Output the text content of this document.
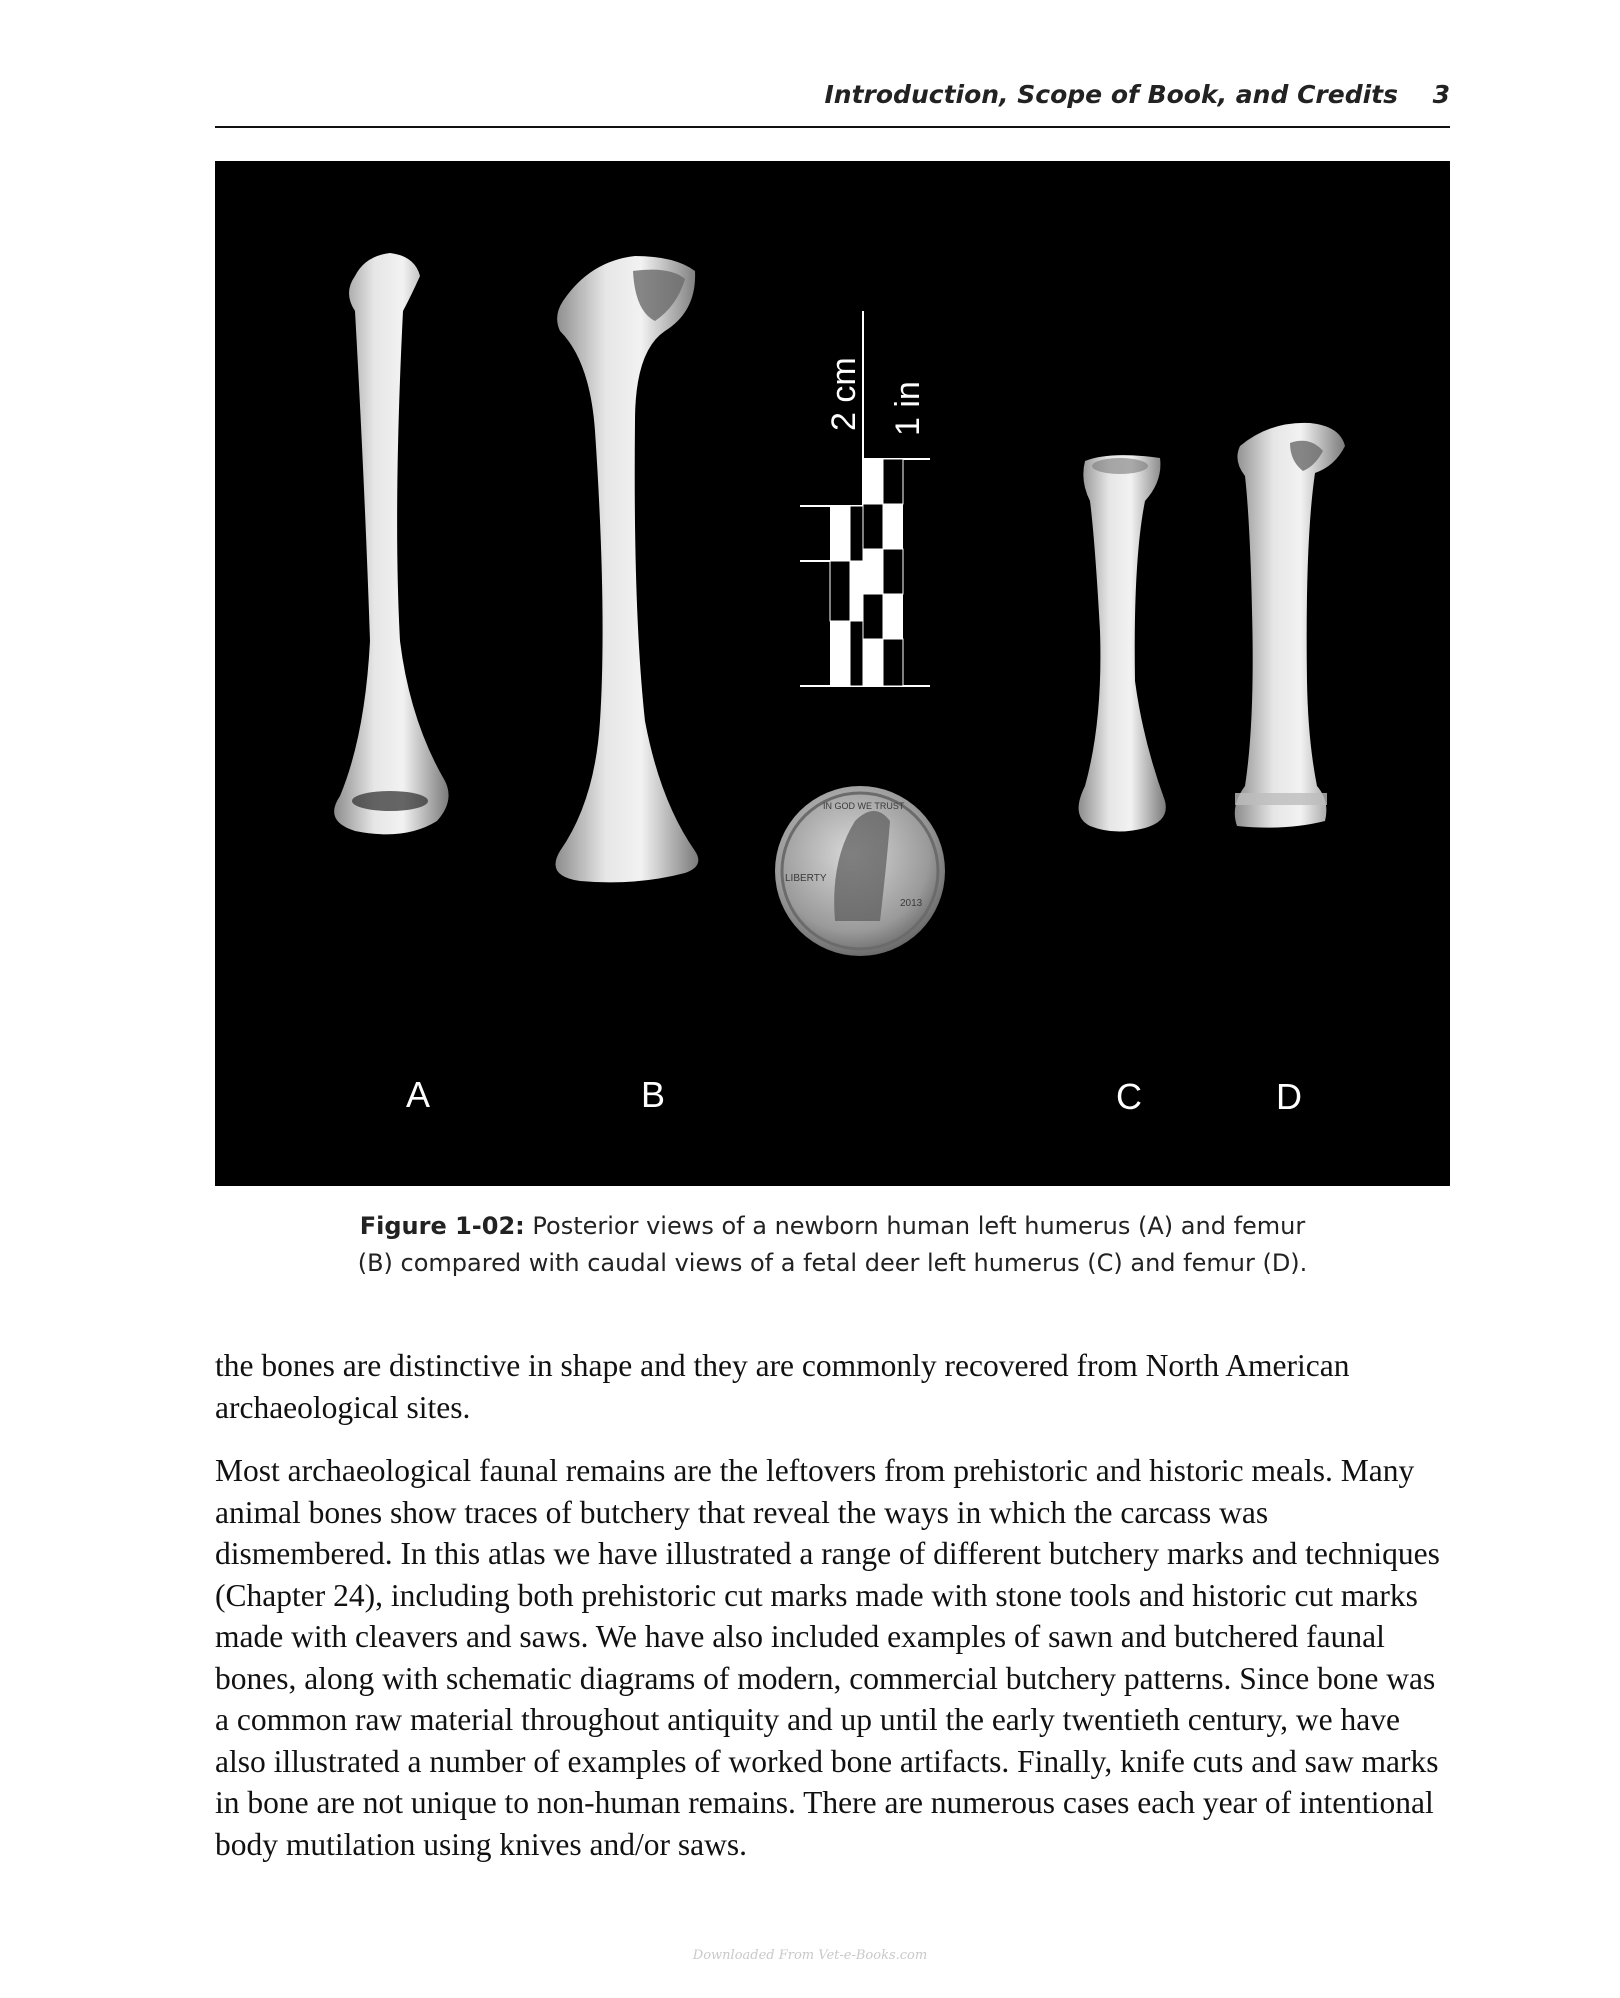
Introduction, Scope of Book, and Credits 3
2 cm 1 in
LIBERTY
2013
IN GOD WE TRUST
A	B	C	D
Figure 1-02: Posterior views of a newborn human left humerus (A) and femur
(B) compared with caudal views of a fetal deer left humerus (C) and femur (D).

the bones are distinctive in shape and they are commonly recovered from North American archaeological sites.

Most archaeological faunal remains are the leftovers from prehistoric and historic meals. Many animal bones show traces of butchery that reveal the ways in which the carcass was dismembered. In this atlas we have illustrated a range of different butchery marks and techniques (Chapter 24), including both prehistoric cut marks made with stone tools and historic cut marks made with cleavers and saws. We have also included examples of sawn and butchered faunal bones, along with schematic diagrams of modern, commercial butchery patterns. Since bone was a common raw material throughout antiquity and up until the early twentieth century, we have also illustrated a number of examples of worked bone artifacts. Finally, knife cuts and saw marks in bone are not unique to non-human remains. There are numerous cases each year of intentional body mutilation using knives and/or saws.

Downloaded From Vet-e-Books.com
